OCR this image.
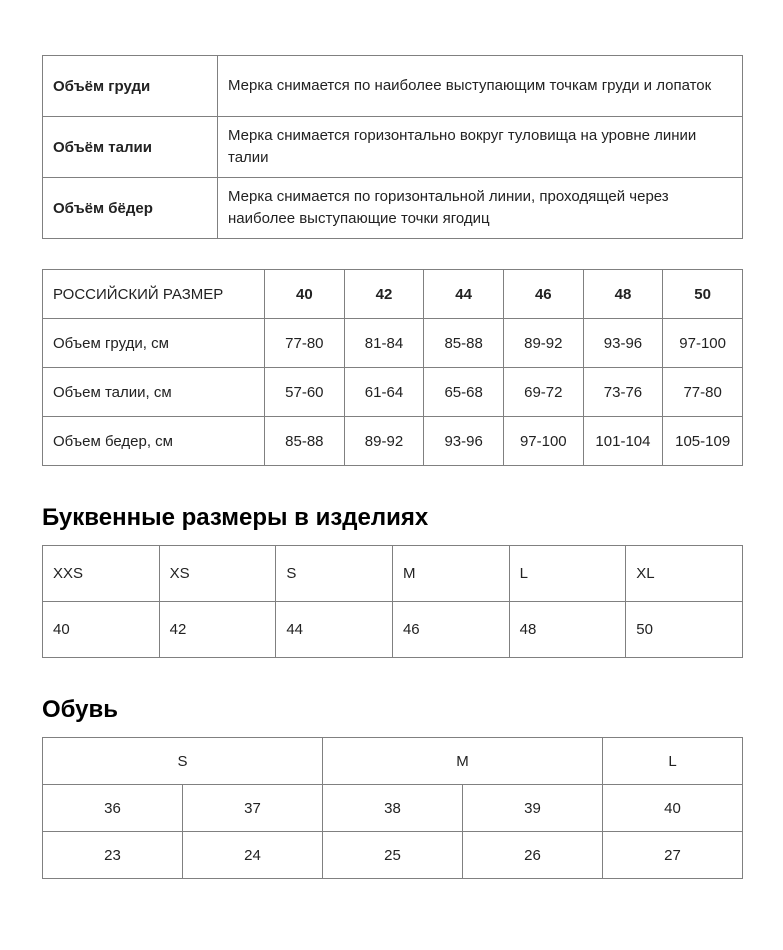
Объём груди	Мерка снимается по наиболее выступающим точкам груди и лопаток
Объём талии	Мерка снимается горизонтально вокруг туловища на уровне линии талии
Объём бёдер	Мерка снимается по горизонтальной линии, проходящей через наиболее выступающие точки ягодиц
РОССИЙСКИЙ РАЗМЕР	40	42	44	46	48	50
Объем груди, см	77-80	81-84	85-88	89-92	93-96	97-100
Объем талии, см	57-60	61-64	65-68	69-72	73-76	77-80
Объем бедер, см	85-88	89-92	93-96	97-100	101-104	105-109
Буквенные размеры в изделиях
XXS	XS	S	M	L	XL
40	42	44	46	48	50
Обувь
S		M		L
36	37	38	39	40
23	24	25	26	27
